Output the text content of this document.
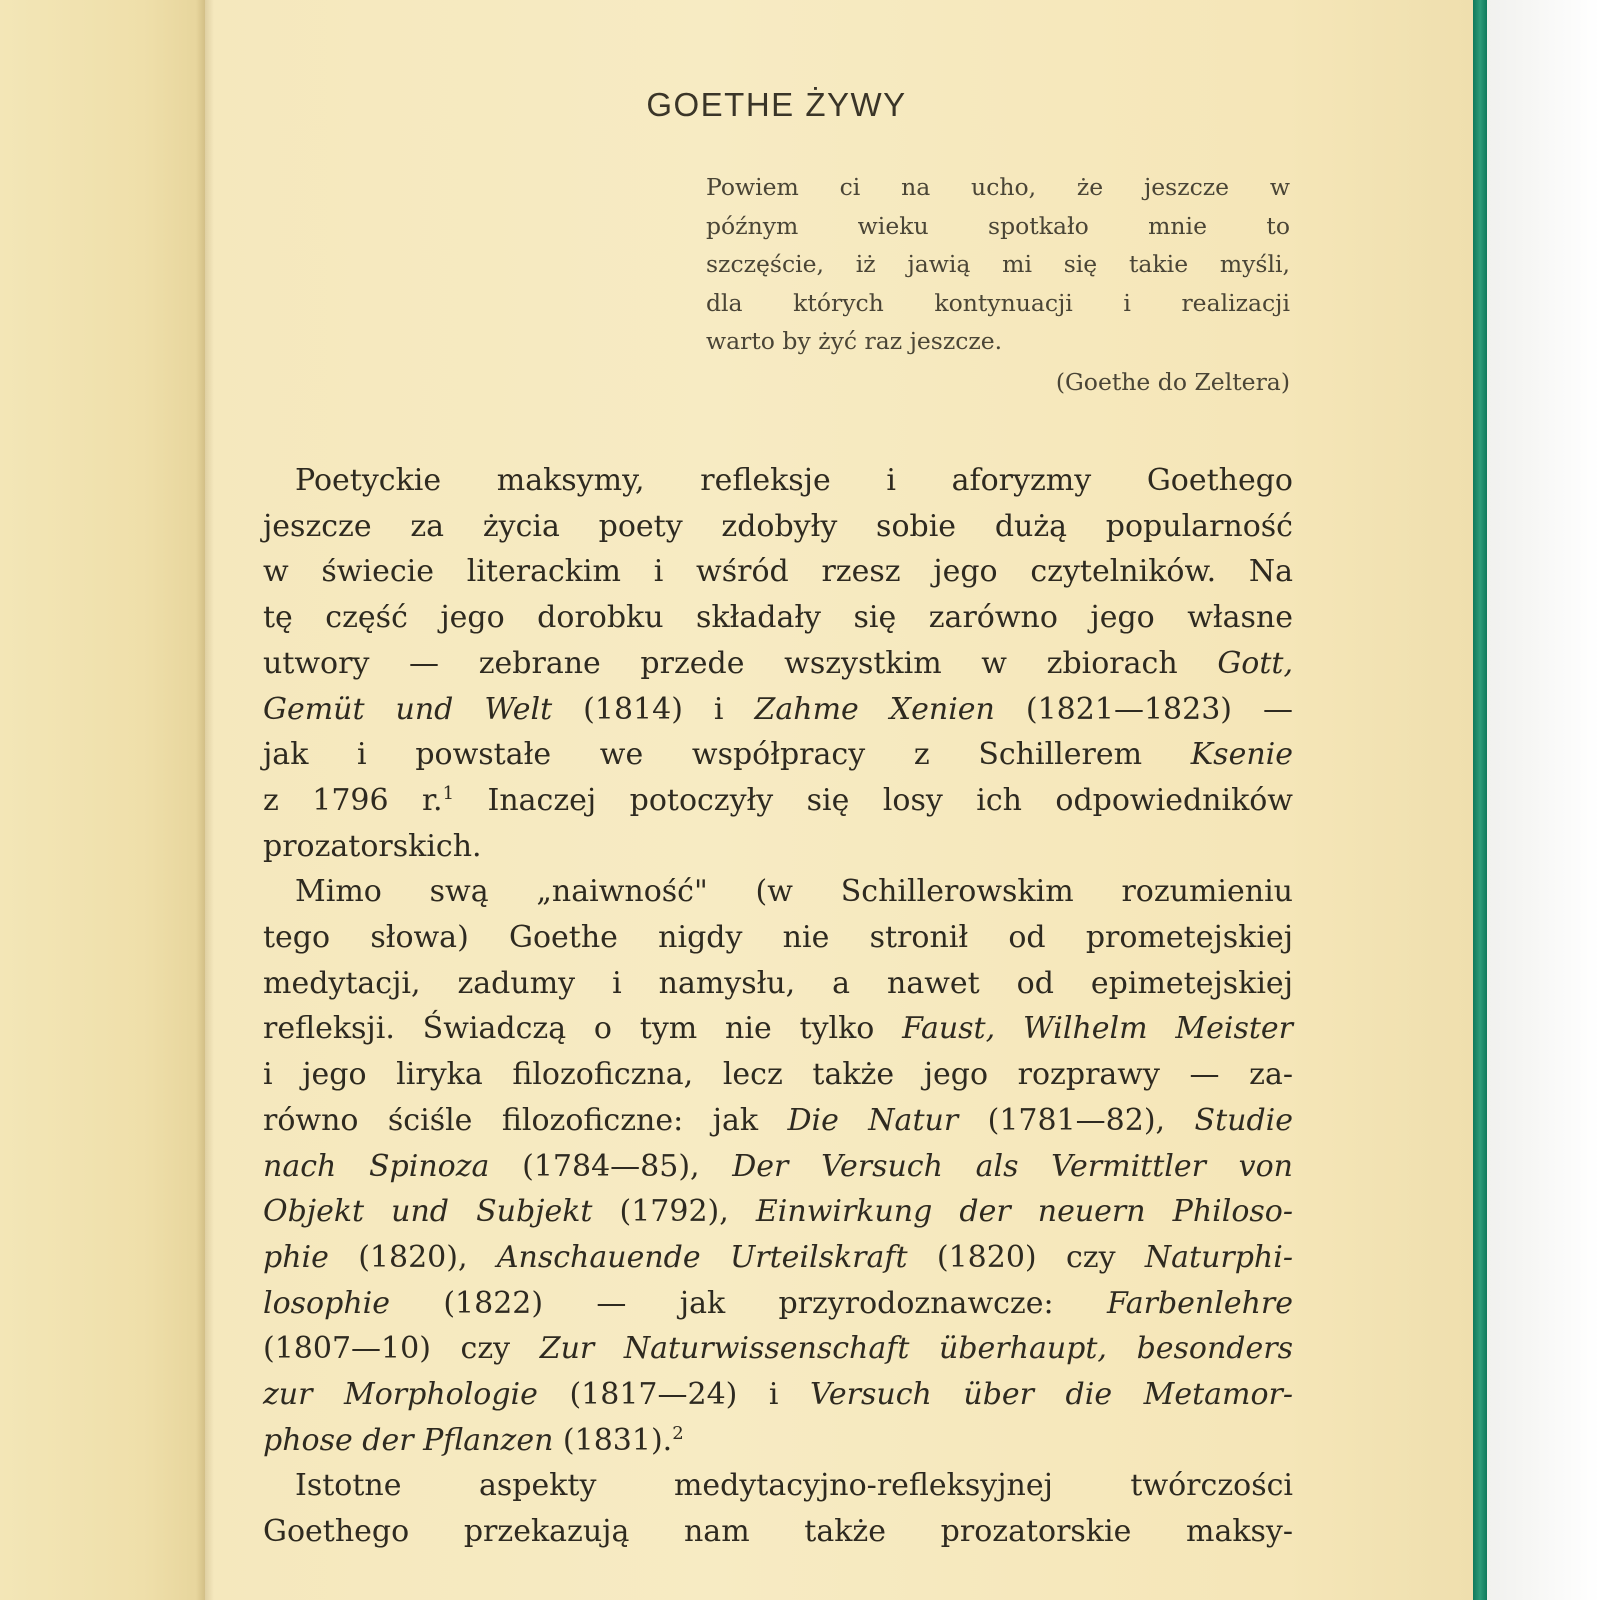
GOETHE ŻYWY
Powiem ci na ucho, że jeszcze w
późnym wieku spotkało mnie to
szczęście, iż jawią mi się takie myśli,
dla których kontynuacji i realizacji
warto by żyć raz jeszcze.
(Goethe do Zeltera)
Poetyckie maksymy, refleksje i aforyzmy Goethego
jeszcze za życia poety zdobyły sobie dużą popularność
w świecie literackim i wśród rzesz jego czytelników. Na
tę część jego dorobku składały się zarówno jego własne
utwory — zebrane przede wszystkim w zbiorach Gott,
Gemüt und Welt (1814) i Zahme Xenien (1821—1823) —
jak i powstałe we współpracy z Schillerem Ksenie
z 1796 r.$^1$ Inaczej potoczyły się losy ich odpowiedników
prozatorskich.
Mimo swą „naiwność" (w Schillerowskim rozumieniu
tego słowa) Goethe nigdy nie stronił od prometejskiej
medytacji, zadumy i namysłu, a nawet od epimetejskiej
refleksji. Świadczą o tym nie tylko Faust, Wilhelm Meister
i jego liryka filozoficzna, lecz także jego rozprawy — za-
równo ściśle filozoficzne: jak Die Natur (1781—82), Studie
nach Spinoza (1784—85), Der Versuch als Vermittler von
Objekt und Subjekt (1792), Einwirkung der neuern Philoso-
phie (1820), Anschauende Urteilskraft (1820) czy Naturphi-
losophie (1822) — jak przyrodoznawcze: Farbenlehre
(1807—10) czy Zur Naturwissenschaft überhaupt, besonders
zur Morphologie (1817—24) i Versuch über die Metamor-
phose der Pflanzen (1831).$^2$
Istotne aspekty medytacyjno-refleksyjnej twórczości
Goethego przekazują nam także prozatorskie maksy-
